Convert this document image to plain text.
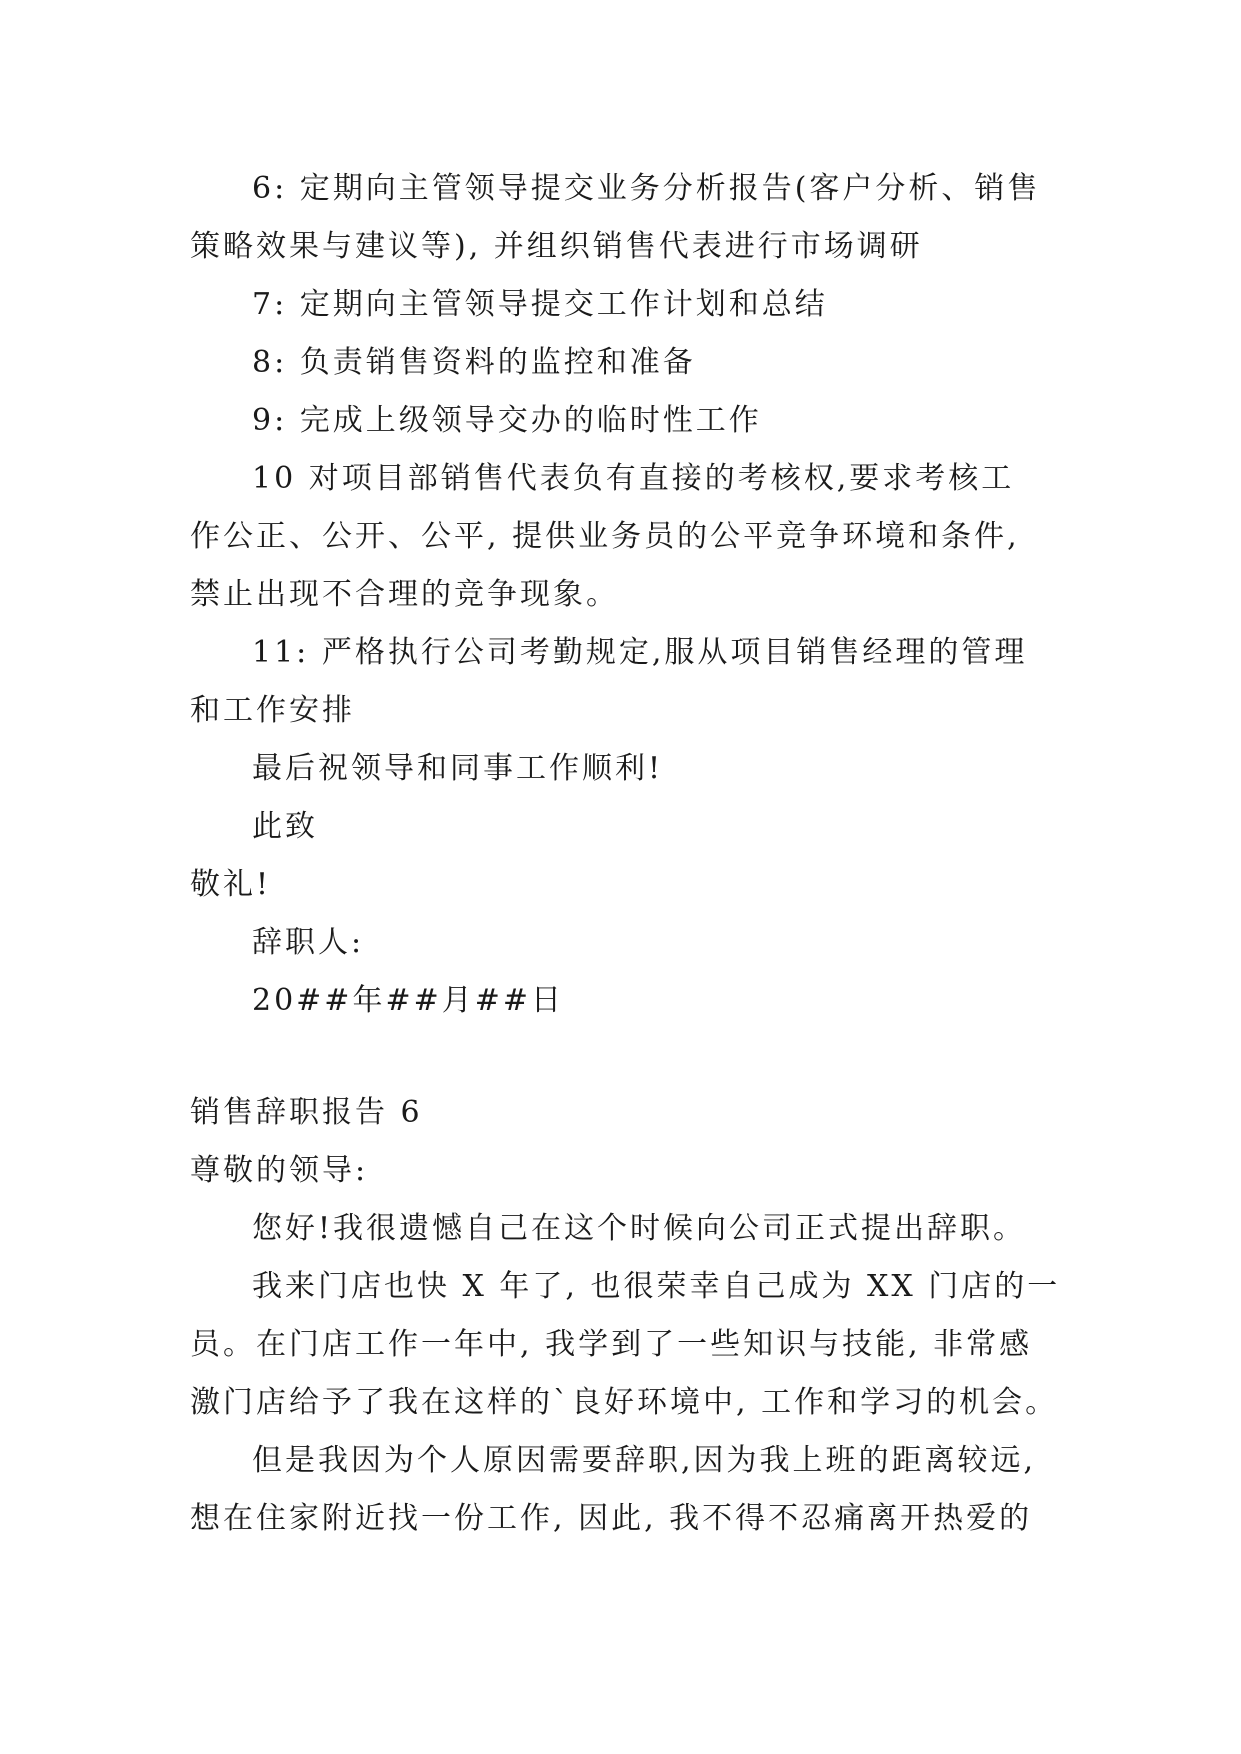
6: 定期向主管领导提交业务分析报告(客户分析、销售
策略效果与建议等), 并组织销售代表进行市场调研
7: 定期向主管领导提交工作计划和总结
8: 负责销售资料的监控和准备
9: 完成上级领导交办的临时性工作
10 对项目部销售代表负有直接的考核权,要求考核工
作公正、公开、公平, 提供业务员的公平竞争环境和条件,
禁止出现不合理的竞争现象。
11: 严格执行公司考勤规定,服从项目销售经理的管理
和工作安排
最后祝领导和同事工作顺利!
此致
敬礼!
辞职人:
20##年##月##日
销售辞职报告 6
尊敬的领导:
您好!我很遗憾自己在这个时候向公司正式提出辞职。
我来门店也快 X 年了, 也很荣幸自己成为 XX 门店的一
员。在门店工作一年中, 我学到了一些知识与技能, 非常感
激门店给予了我在这样的`良好环境中, 工作和学习的机会。
但是我因为个人原因需要辞职,因为我上班的距离较远,
想在住家附近找一份工作, 因此, 我不得不忍痛离开热爱的
